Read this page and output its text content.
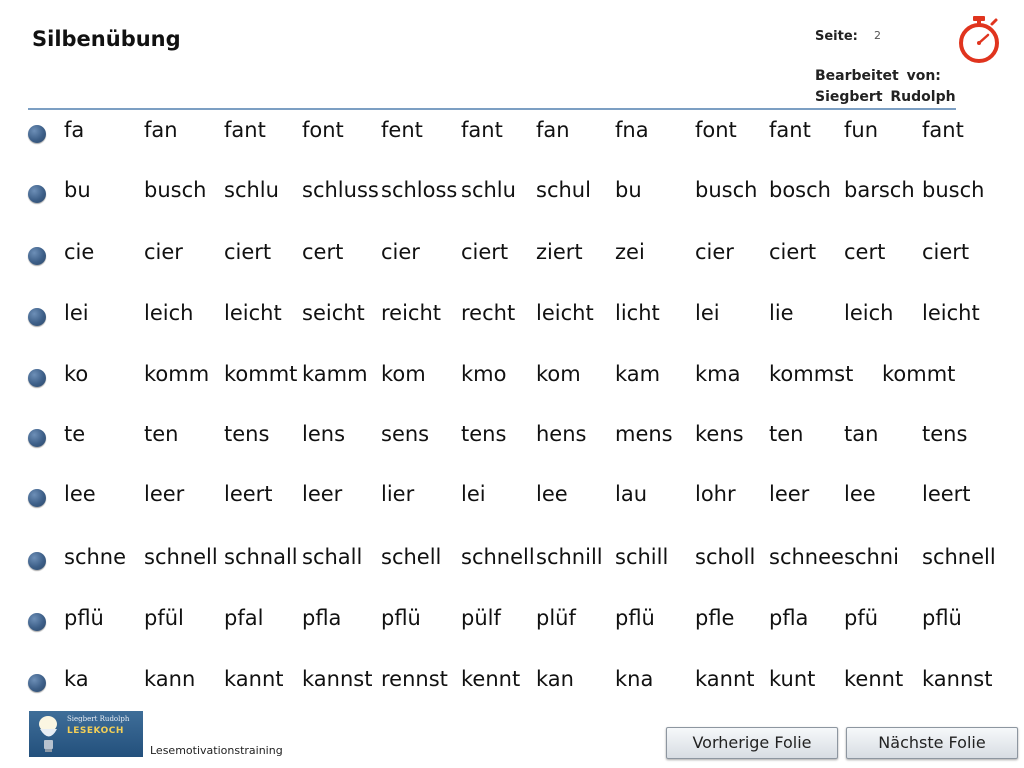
Silbenübung	Seite: 2
Bearbeitet von:
Siegbert Rudolph
fa	fan fant font fent fant fan fna font fant fun fant
bu	busch schlu schluss schloss schlu schul bu	busch bosch barsch busch
cie cier ciert cert cier ciert ziert zei cier ciert cert ciert
lei	leich leicht seicht reicht recht leicht licht lei lie leich leicht
ko	komm kommt kamm kom kmo kom kam kma kommst kommt
te	ten tens lens sens tens hens mens kens ten tan tens
lee leer leert leer lier lei lee lau lohr leer lee leert
schne schnell schnall schall schell schnell schnill schill scholl schnee schni schnell
pflü pfül pfal pfla pflü pülf plüf pflü pfle pfla pfü pflü
ka	kann kannt kannst rennst kennt kan kna kannt kunt kennt kannst
Siegbert Rudolph
LESEKOCH
Lesemotivationstraining	Vorherige Folie	Nächste Folie
